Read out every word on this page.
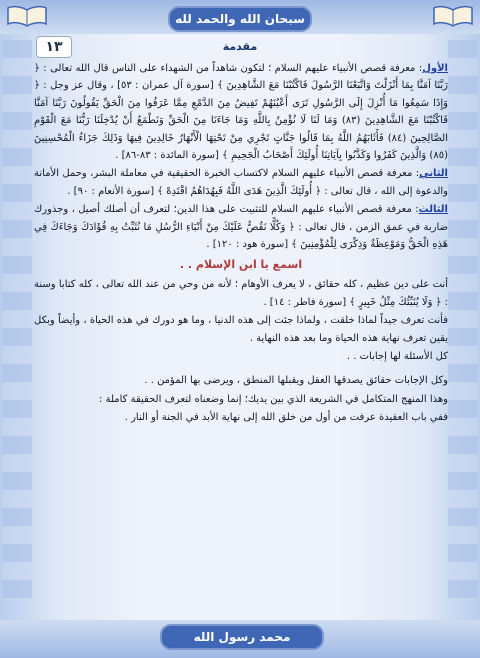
سبحان الله والحمد لله
١٣	مقدمة

الأول: معرفة قصص الأنبياء عليهم السلام ؛ لتكون شاهداً من الشهداء على الناس قال الله تعالى : ﴿ رَبَّنَا آمَنَّا بِمَا أَنْزَلْتَ وَاتَّبَعْنَا الرَّسُولَ فَاكْتُبْنَا مَعَ الشَّاهِدِينَ ﴾ [سورة آل عمران : ٥٣] ، وقال عز وجل : ﴿ وَإِذَا سَمِعُوا مَا أُنْزِلَ إِلَى الرَّسُولِ تَرَى أَعْيُنَهُمْ تَفِيضُ مِنَ الدَّمْعِ مِمَّا عَرَفُوا مِنَ الْحَقِّ يَقُولُونَ رَبَّنَا آمَنَّا فَاكْتُبْنَا مَعَ الشَّاهِدِينَ (٨٣) وَمَا لَنَا لَا نُؤْمِنُ بِاللَّهِ وَمَا جَاءَنَا مِنَ الْحَقِّ وَنَطْمَعُ أَنْ يُدْخِلَنَا رَبُّنَا مَعَ الْقَوْمِ الصَّالِحِينَ (٨٤) فَأَثَابَهُمُ اللَّهُ بِمَا قَالُوا جَنَّاتٍ تَجْرِي مِنْ تَحْتِهَا الْأَنْهَارُ خَالِدِينَ فِيهَا وَذَلِكَ جَزَاءُ الْمُحْسِنِينَ (٨٥) وَالَّذِينَ كَفَرُوا وَكَذَّبُوا بِآيَاتِنَا أُولَئِكَ أَصْحَابُ الْجَحِيمِ ﴾ [سورة المائدة : ٨٣-٨٦] .

الثاني: معرفة قصص الأنبياء عليهم السلام لاكتساب الخبرة الحقيقية في معاملة البشر، وحمل الأمانة والدعوة إلى الله ، قال تعالى : ﴿ أُولَئِكَ الَّذِينَ هَدَى اللَّهُ فَبِهُدَاهُمُ اقْتَدِهْ ﴾ [سورة الأنعام : ٩٠] .

الثالث: معرفة قصص الأنبياء عليهم السلام للتثبيت على هذا الدين؛ لتعرف أن أصلك أصيل ، وجذورك ضاربة في عمق الزمن ، قال تعالى : ﴿ وَكُلًّا نَقُصُّ عَلَيْكَ مِنْ أَنْبَاءِ الرُّسُلِ مَا نُثَبِّتُ بِهِ فُؤَادَكَ وَجَاءَكَ فِي هَذِهِ الْحَقُّ وَمَوْعِظَةٌ وَذِكْرَى لِلْمُؤْمِنِينَ ﴾ [سورة هود : ١٢٠] .

اسمع يا ابن الإسلام . .

أنت على دين عظيم ، كله حقائق ، لا يعرف الأوهام ؛ لأنه من وحي من عند الله تعالى ، كله كتابا وسنة : ﴿ وَلَا يُنَبِّئُكَ مِثْلُ خَبِيرٍ ﴾ [سورة فاطر : ١٤] .

فأنت تعرف جيداً لماذا خلقت ، ولماذا جئت إلى هذه الدنيا ، وما هو دورك في هذه الحياة ، وأيضاً وبكل يقين تعرف نهاية هذه الحياة وما بعد هذه النهاية .

كل الأسئلة لها إجابات . .

وكل الإجابات حقائق يصدقها العقل ويقبلها المنطق ، ويرضى بها المؤمن . .

وهذا المنهج المتكامل في الشريعة الذي بين يديك؛ إنما وضعناه لتعرف الحقيقة كاملة :

ففي باب العقيدة عرفت من أول من خلق الله إلى نهاية الأبد في الجنة أو النار .

محمد رسول الله
